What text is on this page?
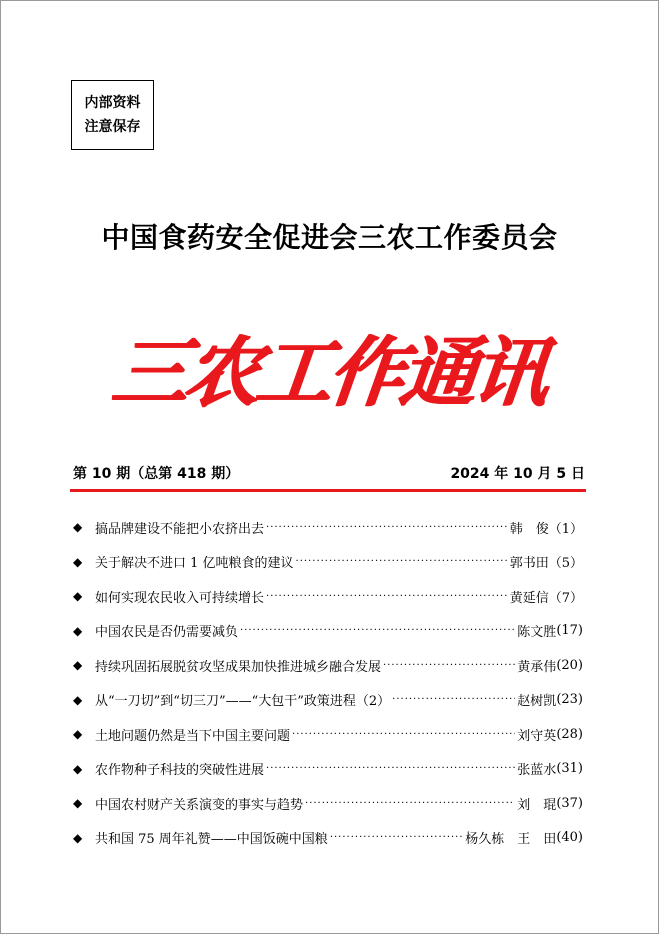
内部资料
注意保存
中国食药安全促进会三农工作委员会
三农工作通讯
第 10 期（总第 418 期）	2024 年 10 月 5 日
◆ 搞品牌建设不能把小农挤出去 ·····	韩　俊 （1）
◆ 关于解决不进口 1 亿吨粮食的建议 ·····	郭书田 （5）
◆ 如何实现农民收入可持续增长 ·····	黄延信 （7）
◆ 中国农民是否仍需要减负 ·····	陈文胜 (17)
◆ 持续巩固拓展脱贫攻坚成果加快推进城乡融合发展 ·····	黄承伟 (20)
◆ 从“一刀切”到“切三刀”——“大包干”政策进程（2） ·····	赵树凯 (23)
◆ 土地问题仍然是当下中国主要问题 ·····	刘守英 (28)
◆ 农作物种子科技的突破性进展 ·····	张蓝水 (31)
◆ 中国农村财产关系演变的事实与趋势 ·····	刘　琨 (37)
◆ 共和国 75 周年礼赞——中国饭碗中国粮 ·····	杨久栋　王　田 (40)
